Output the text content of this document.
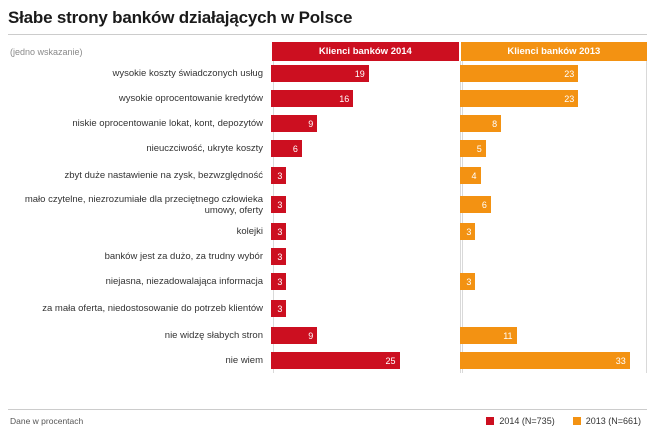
Słabe strony banków działających w Polsce
(jedno wskazanie)	Klienci banków 2014	Klienci banków 2013
wysokie koszty świadczonych usług	19	23
wysokie oprocentowanie kredytów	16	23
niskie oprocentowanie lokat, kont, depozytów	9	8
nieuczciwość, ukryte koszty	6	5
zbyt duże nastawienie na zysk, bezwzględność	3	4
mało czytelne, niezrozumiałe dla przeciętnego człowieka umowy, oferty	3	6
kolejki	3	3
banków jest za dużo, za trudny wybór	3
niejasna, niezadowalająca informacja	3	3
za mała oferta, niedostosowanie do potrzeb klientów	3
nie widzę słabych stron	9	11
nie wiem	25	33
Dane w procentach	2014 (N=735)	2013 (N=661)
